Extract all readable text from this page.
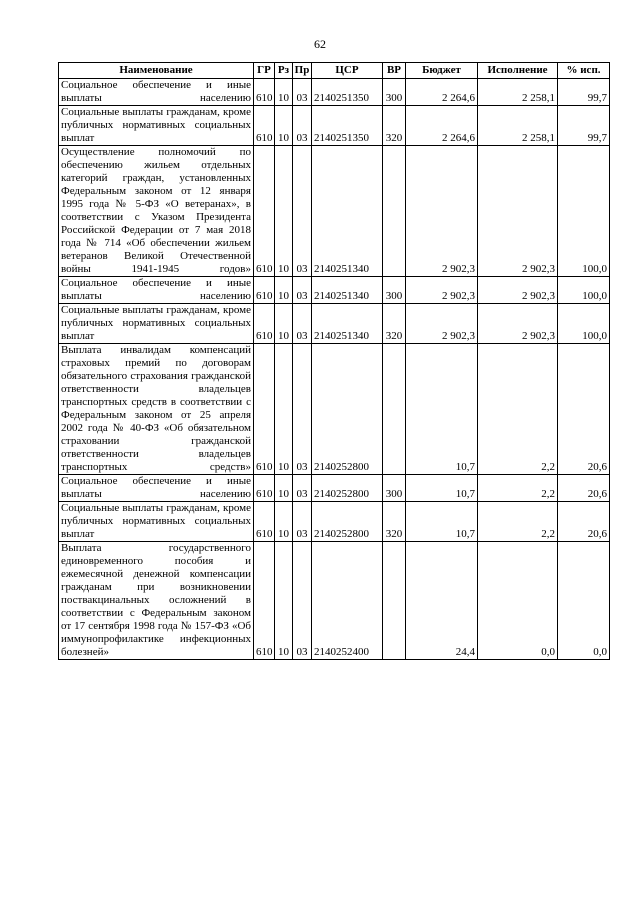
62
Наименование	ГР	Рз	Пр	ЦСР	ВР	Бюджет	Исполнение	% исп.
Социальное обеспечение и иные выплаты населению	610	10	03	2140251350	300	2 264,6	2 258,1	99,7
Социальные выплаты гражданам, кроме публичных нормативных социальных выплат	610	10	03	2140251350	320	2 264,6	2 258,1	99,7
Осуществление полномочий по обеспечению жильем отдельных категорий граждан, установленных Федеральным законом от 12 января 1995 года № 5-ФЗ «О ветеранах», в соответствии с Указом Президента Российской Федерации от 7 мая 2018 года № 714 «Об обеспечении жильем ветеранов Великой Отечественной войны 1941-1945 годов»	610	10	03	2140251340		2 902,3	2 902,3	100,0
Социальное обеспечение и иные выплаты населению	610	10	03	2140251340	300	2 902,3	2 902,3	100,0
Социальные выплаты гражданам, кроме публичных нормативных социальных выплат	610	10	03	2140251340	320	2 902,3	2 902,3	100,0
Выплата инвалидам компенсаций страховых премий по договорам обязательного страхования гражданской ответственности владельцев транспортных средств в соответствии с Федеральным законом от 25 апреля 2002 года № 40-ФЗ «Об обязательном страховании гражданской ответственности владельцев транспортных средств»	610	10	03	2140252800		10,7	2,2	20,6
Социальное обеспечение и иные выплаты населению	610	10	03	2140252800	300	10,7	2,2	20,6
Социальные выплаты гражданам, кроме публичных нормативных социальных выплат	610	10	03	2140252800	320	10,7	2,2	20,6
Выплата государственного единовременного пособия и ежемесячной денежной компенсации гражданам при возникновении поствакцинальных осложнений в соответствии с Федеральным законом от 17 сентября 1998 года № 157-ФЗ «Об иммунопрофилактике инфекционных болезней»	610	10	03	2140252400		24,4	0,0	0,0
